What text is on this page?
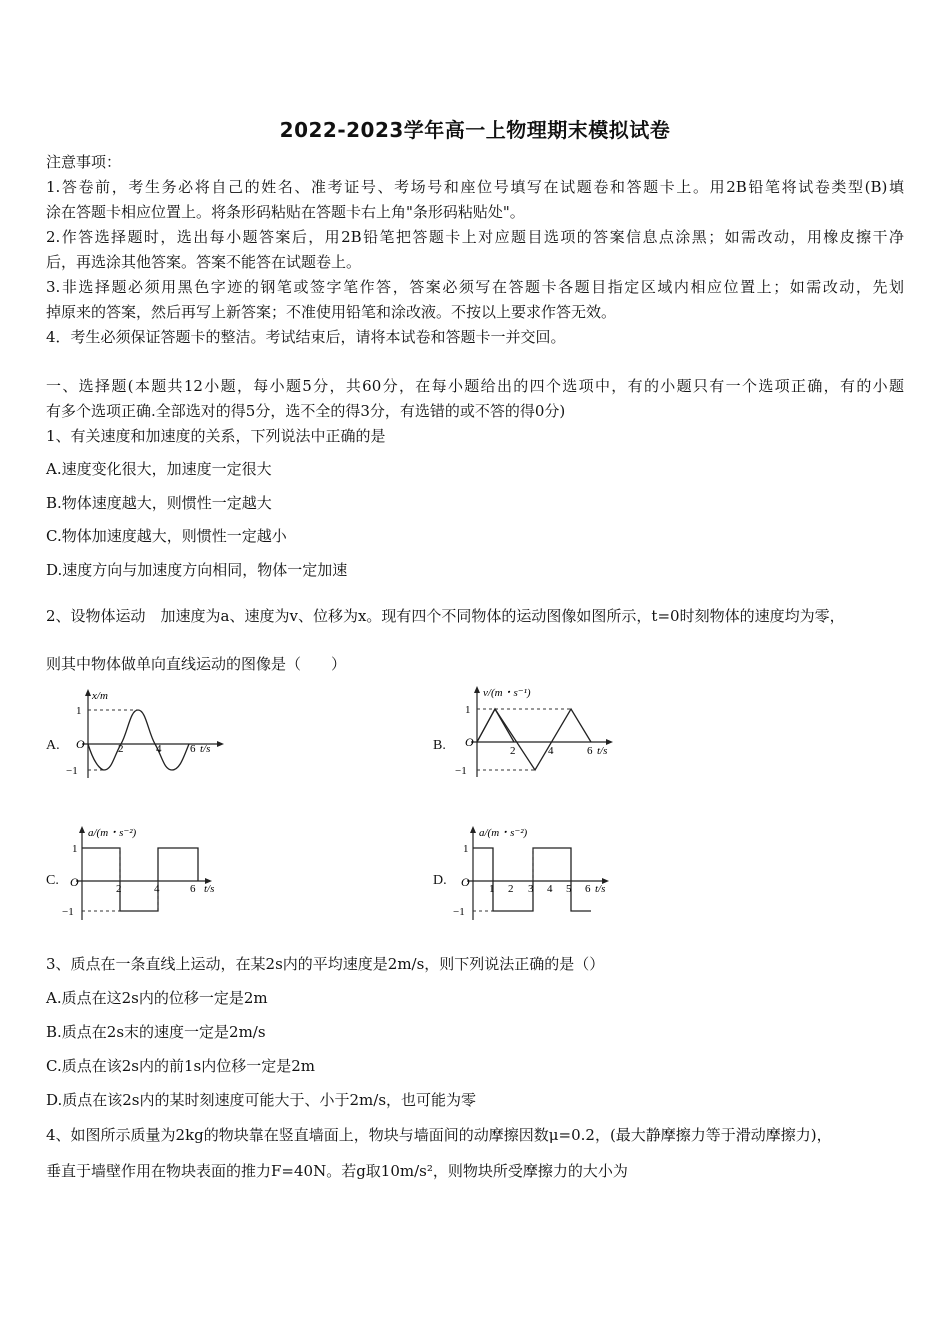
2022-2023学年高一上物理期末模拟试卷
注意事项：
1.答卷前，考生务必将自己的姓名、准考证号、考场号和座位号填写在试题卷和答题卡上。用2B铅笔将试卷类型(B)填
涂在答题卡相应位置上。将条形码粘贴在答题卡右上角"条形码粘贴处"。
2.作答选择题时，选出每小题答案后，用2B铅笔把答题卡上对应题目选项的答案信息点涂黑；如需改动，用橡皮擦干净
后，再选涂其他答案。答案不能答在试题卷上。
3.非选择题必须用黑色字迹的钢笔或签字笔作答，答案必须写在答题卡各题目指定区域内相应位置上；如需改动，先划
掉原来的答案，然后再写上新答案；不准使用铅笔和涂改液。不按以上要求作答无效。
4．考生必须保证答题卡的整洁。考试结束后，请将本试卷和答题卡一并交回。
一、选择题(本题共12小题，每小题5分，共60分，在每小题给出的四个选项中，有的小题只有一个选项正确，有的小题
有多个选项正确.全部选对的得5分，选不全的得3分，有选错的或不答的得0分)
1、有关速度和加速度的关系，下列说法中正确的是
A.速度变化很大，加速度一定很大
B.物体速度越大，则惯性一定越大
C.物体加速度越大，则惯性一定越小
D.速度方向与加速度方向相同，物体一定加速
2、设物体运动　加速度为a、速度为v、位移为x。现有四个不同物体的运动图像如图所示，t=0时刻物体的速度均为零，
则其中物体做单向直线运动的图像是（　　）
A.
x/m
t/s
O
1
−1
2	4	6	B.
v/(m・s⁻¹)
t/s
O
1
−1
2	4	6
C.
a/(m・s⁻²)
t/s
O
1
−1
2	4	6
D.
a/(m・s⁻²)
t/s
O
1
−1
1 2 3 4 5 6
3、质点在一条直线上运动，在某2s内的平均速度是2m/s，则下列说法正确的是（）
A.质点在这2s内的位移一定是2m
B.质点在2s末的速度一定是2m/s
C.质点在该2s内的前1s内位移一定是2m
D.质点在该2s内的某时刻速度可能大于、小于2m/s，也可能为零
4、如图所示质量为2kg的物块靠在竖直墙面上，物块与墙面间的动摩擦因数μ=0.2，(最大静摩擦力等于滑动摩擦力)，
垂直于墙壁作用在物块表面的推力F=40N。若g取10m/s²，则物块所受摩擦力的大小为
